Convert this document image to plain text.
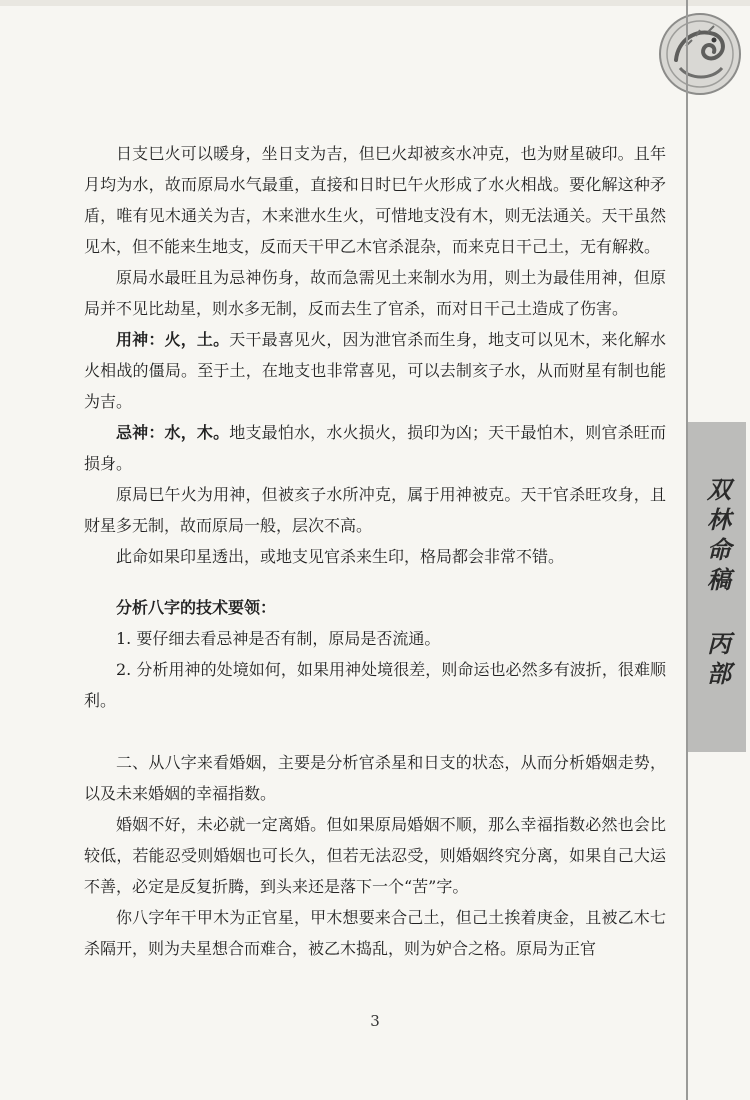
双林命稿
丙部

日支巳火可以暖身，坐日支为吉，但巳火却被亥水冲克，也为财星破印。且年月均为水，故而原局水气最重，直接和日时巳午火形成了水火相战。要化解这种矛盾，唯有见木通关为吉，木来泄水生火，可惜地支没有木，则无法通关。天干虽然见木，但不能来生地支，反而天干甲乙木官杀混杂，而来克日干己土，无有解救。

原局水最旺且为忌神伤身，故而急需见土来制水为用，则土为最佳用神，但原局并不见比劫星，则水多无制，反而去生了官杀，而对日干己土造成了伤害。

用神：火，土。天干最喜见火，因为泄官杀而生身，地支可以见木，来化解水火相战的僵局。至于土，在地支也非常喜见，可以去制亥子水，从而财星有制也能为吉。

忌神：水，木。地支最怕水，水火损火，损印为凶；天干最怕木，则官杀旺而损身。

原局巳午火为用神，但被亥子水所冲克，属于用神被克。天干官杀旺攻身，且财星多无制，故而原局一般，层次不高。

此命如果印星透出，或地支见官杀来生印，格局都会非常不错。

分析八字的技术要领：

1. 要仔细去看忌神是否有制，原局是否流通。

2. 分析用神的处境如何，如果用神处境很差，则命运也必然多有波折，很难顺利。

二、从八字来看婚姻，主要是分析官杀星和日支的状态，从而分析婚姻走势，以及未来婚姻的幸福指数。

婚姻不好，未必就一定离婚。但如果原局婚姻不顺，那么幸福指数必然也会比较低，若能忍受则婚姻也可长久，但若无法忍受，则婚姻终究分离，如果自己大运不善，必定是反复折腾，到头来还是落下一个“苦”字。

你八字年干甲木为正官星，甲木想要来合己土，但己土挨着庚金，且被乙木七杀隔开，则为夫星想合而难合，被乙木捣乱，则为妒合之格。原局为正官

3
